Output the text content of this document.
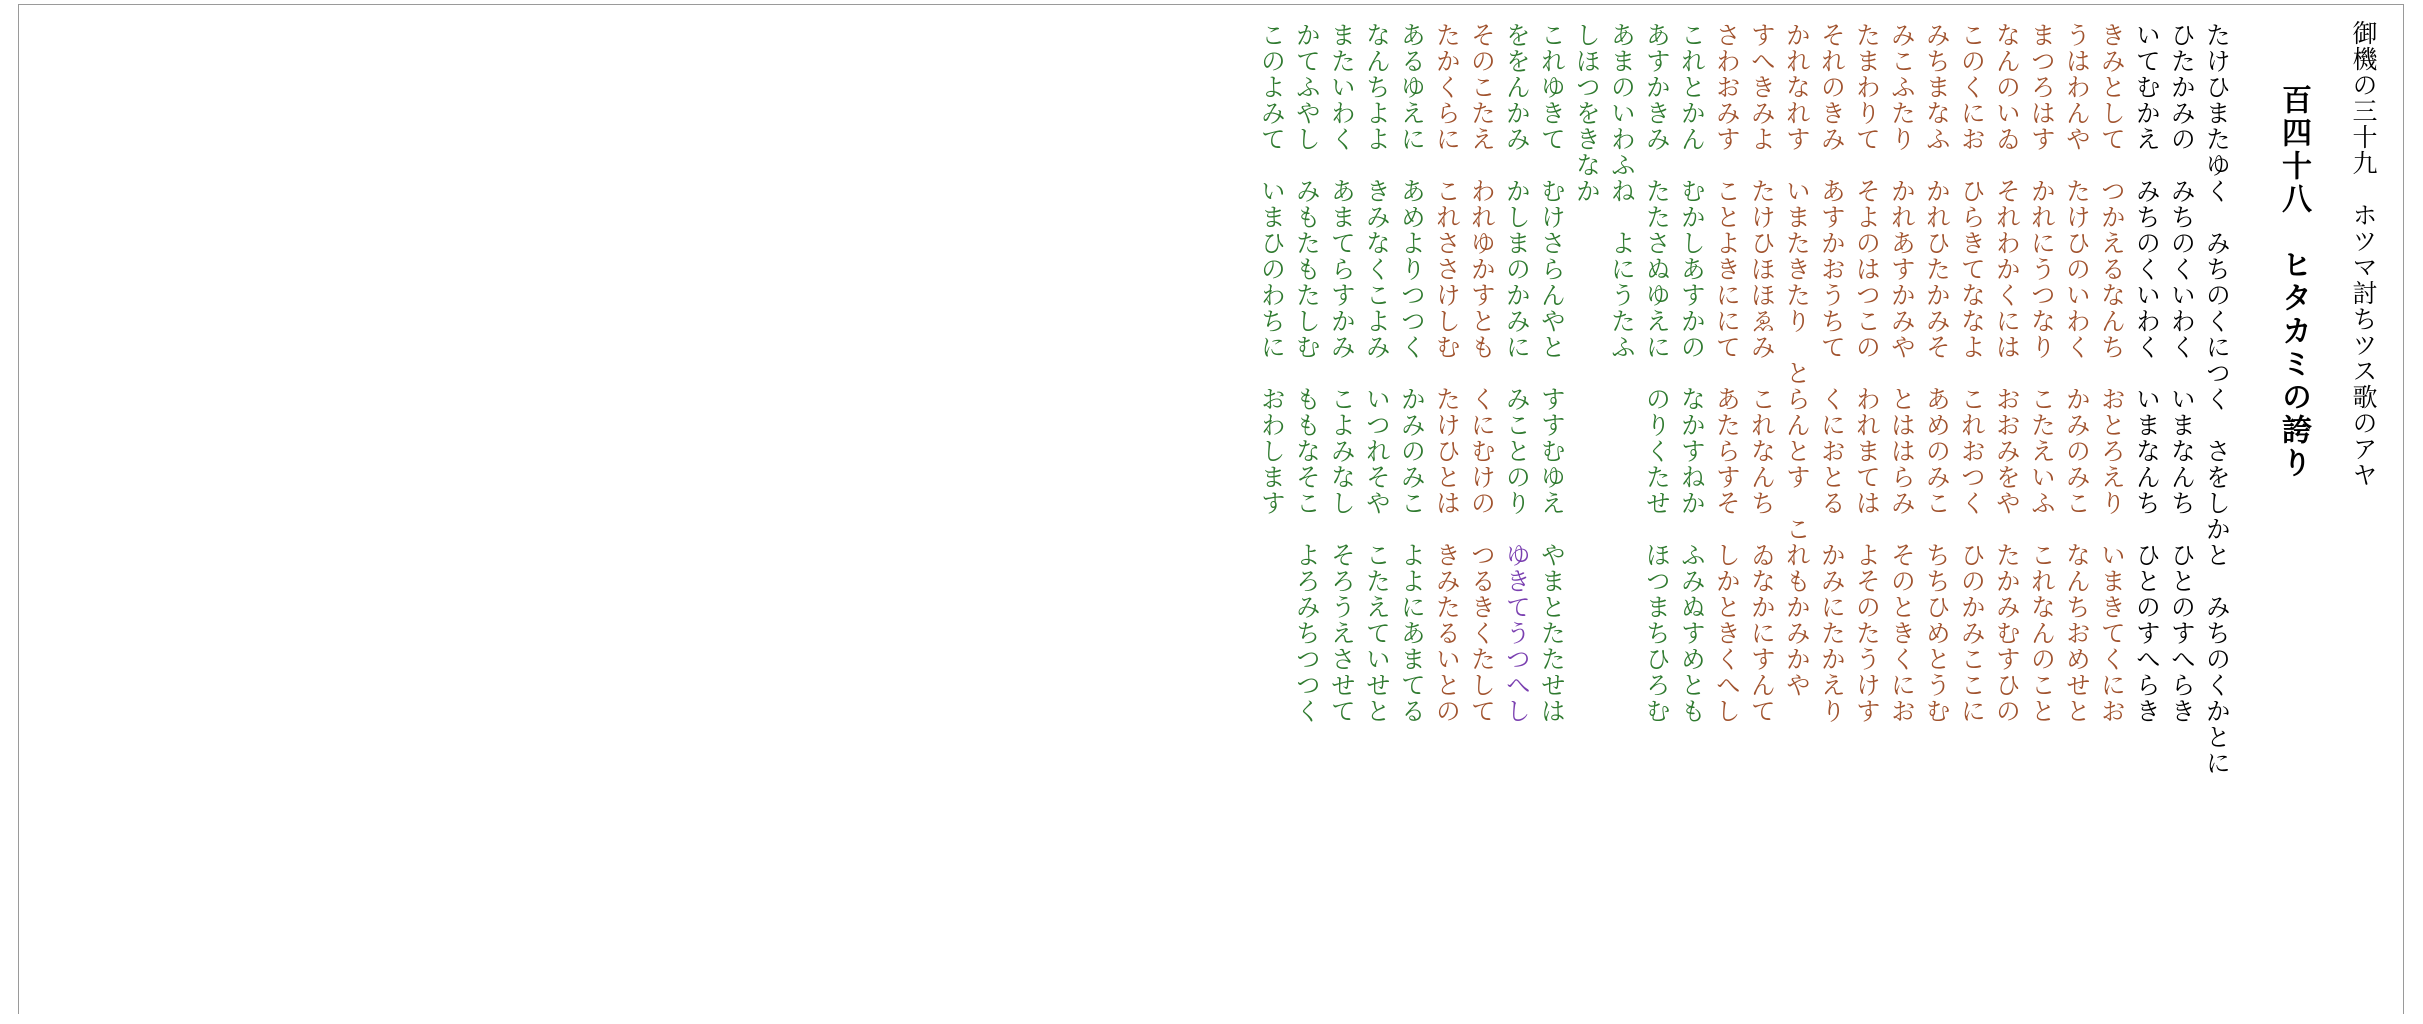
御機の三十九　ホツマ討ちツス歌のアヤ
百四十八　ヒタカミの誇り
たけひまたゆく　みちのくにつく　さをしかと　みちのくかとに
ひたかみの　みちのくいわく　いまなんち　ひとのすへらき
いてむかえ　みちのくいわく　いまなんち　ひとのすへらき
きみとして　つかえるなんち　おとろえり　いまきてくにお
うはわんや　たけひのいわく　かみのみこ　なんちおめせと
まつろはす　かれにうつなり　こたえいふ　これなんのこと
なんのいゐ　それわかくには　おおみをや　たかみむすひの
このくにお　ひらきてななよ　これおつく　ひのかみここに
みちまなふ　かれひたかみそ　あめのみこ　ちちひめとうむ
みこふたり　かれあすかみや　とははらみ　そのときくにお
たまわりて　そよのはつこの　われまては　よそのたうけす
それのきみ　あすかおうちて　くにおとる　かみにたかえり
かれなれす　いまたきたり　とらんとす　これもかみかや
すへきみよ　たけひほほゑみ　これなんち　ゐなかにすんて
さわおみす　ことよきににて　あたらすそ　しかときくへし
これとかん　むかしあすかの　なかすねか　ふみぬすめとも
あすかきみ　たたさぬゆえに　のりくたせ　ほつまちひろむ
あまのいわふね　よにうたふ
しほつをきなか
これゆきて　むけさらんやと　すすむゆえ　やまとたたせは
ををんかみ　かしまのかみに　みことのり　ゆきてうつへし
そのこたえ　われゆかすとも　くにむけの　つるきくたして
たかくらに　これささけしむ　たけひとは　きみたるいとの
あるゆえに　あめよりつつく　かみのみこ　よよにあまてる
なんちよよ　きみなくこよみ　いつれそや　こたえていせと
またいわく　あまてらすかみ　こよみなし　そろうえさせて
かてふやし　みもたもたしむ　ももなそこ　よろみちつつく
このよみて　いまひのわちに　おわします
